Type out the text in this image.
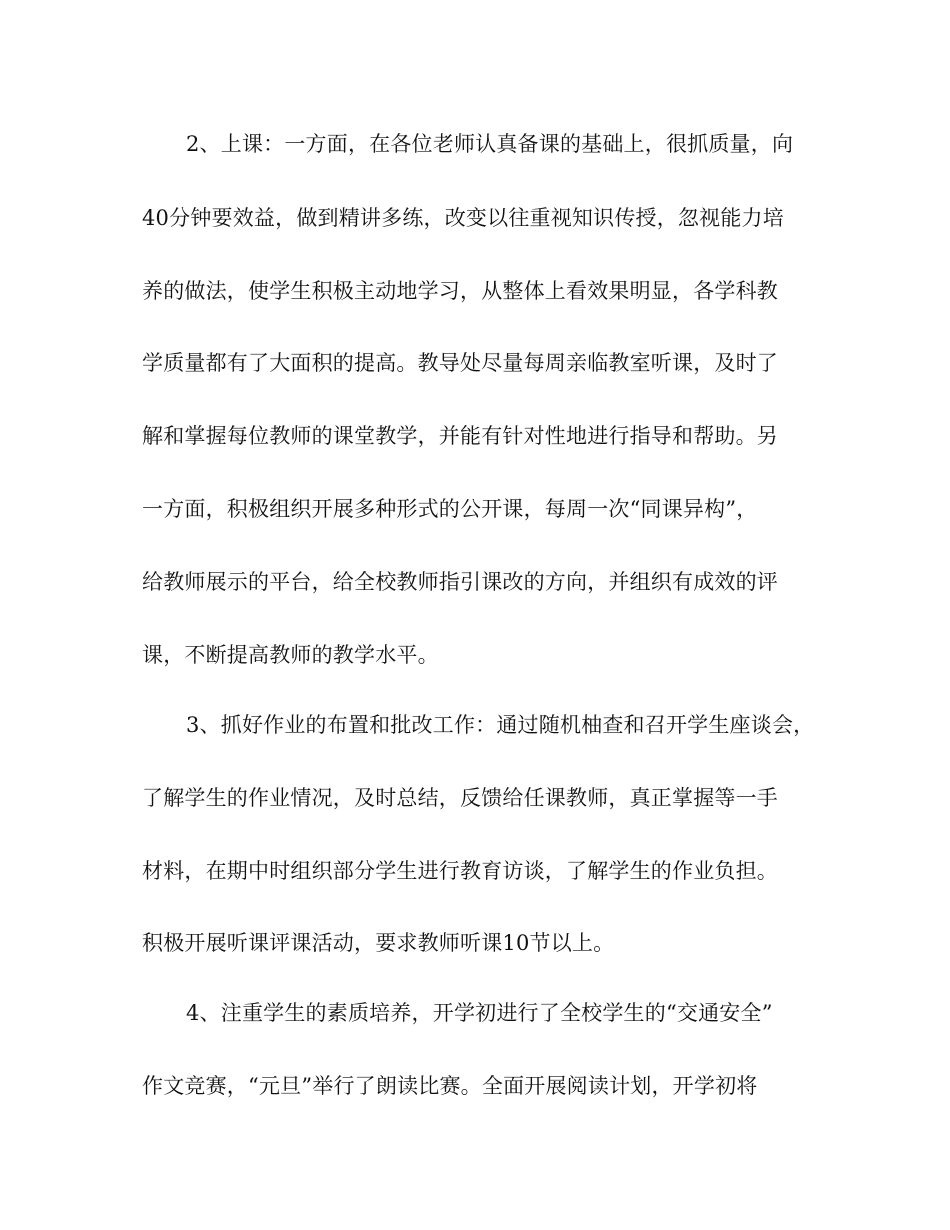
2、上课：一方面，在各位老师认真备课的基础上，很抓质量，向
40分钟要效益，做到精讲多练，改变以往重视知识传授，忽视能力培
养的做法，使学生积极主动地学习，从整体上看效果明显，各学科教
学质量都有了大面积的提高。教导处尽量每周亲临教室听课，及时了
解和掌握每位教师的课堂教学，并能有针对性地进行指导和帮助。另
一方面，积极组织开展多种形式的公开课，每周一次“同课异构”，
给教师展示的平台，给全校教师指引课改的方向，并组织有成效的评
课，不断提高教师的教学水平。
3、抓好作业的布置和批改工作：通过随机柚查和召开学生座谈会，
了解学生的作业情况，及时总结，反馈给任课教师，真正掌握等一手
材料，在期中时组织部分学生进行教育访谈，了解学生的作业负担。
积极开展听课评课活动，要求教师听课10节以上。
4、注重学生的素质培养，开学初进行了全校学生的“交通安全”
作文竞赛，“元旦”举行了朗读比赛。全面开展阅读计划，开学初将
